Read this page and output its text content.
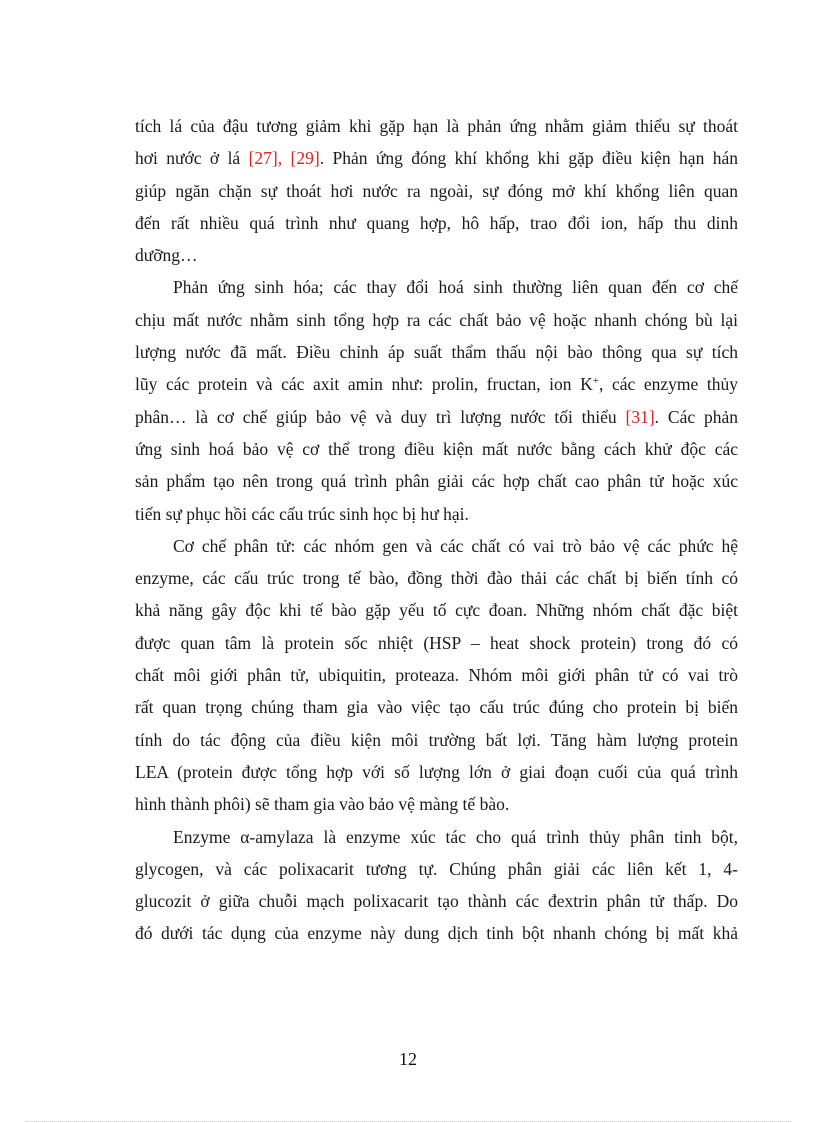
tích lá của đậu tương giảm khi gặp hạn là phản ứng nhằm giảm thiểu sự thoát
hơi nước ở lá [27], [29]. Phản ứng đóng khí khổng khi gặp điều kiện hạn hán
giúp ngăn chặn sự thoát hơi nước ra ngoài, sự đóng mở khí khổng liên quan
đến rất nhiều quá trình như quang hợp, hô hấp, trao đổi ion, hấp thu dinh
dưỡng…
Phản ứng sinh hóa; các thay đổi hoá sinh thường liên quan đến cơ chế
chịu mất nước nhằm sinh tổng hợp ra các chất bảo vệ hoặc nhanh chóng bù lại
lượng nước đã mất. Điều chỉnh áp suất thẩm thấu nội bào thông qua sự tích
lũy các protein và các axit amin như: prolin, fructan, ion K+, các enzyme thủy
phân… là cơ chế giúp bảo vệ và duy trì lượng nước tối thiểu [31]. Các phản
ứng sinh hoá bảo vệ cơ thể trong điều kiện mất nước bằng cách khử độc các
sản phẩm tạo nên trong quá trình phân giải các hợp chất cao phân tử hoặc xúc
tiến sự phục hồi các cấu trúc sinh học bị hư hại.
Cơ chế phân tử: các nhóm gen và các chất có vai trò bảo vệ các phức hệ
enzyme, các cấu trúc trong tế bào, đồng thời đào thải các chất bị biến tính có
khả năng gây độc khi tế bào gặp yếu tố cực đoan. Những nhóm chất đặc biệt
được quan tâm là protein sốc nhiệt (HSP – heat shock protein) trong đó có
chất môi giới phân tử, ubiquitin, proteaza. Nhóm môi giới phân tử có vai trò
rất quan trọng chúng tham gia vào việc tạo cấu trúc đúng cho protein bị biến
tính do tác động của điều kiện môi trường bất lợi. Tăng hàm lượng protein
LEA (protein được tổng hợp với số lượng lớn ở giai đoạn cuối của quá trình
hình thành phôi) sẽ tham gia vào bảo vệ màng tế bào.
Enzyme α-amylaza là enzyme xúc tác cho quá trình thủy phân tinh bột,
glycogen, và các polixacarit tương tự. Chúng phân giải các liên kết 1, 4-
glucozit ở giữa chuỗi mạch polixacarit tạo thành các đextrin phân tử thấp. Do
đó dưới tác dụng của enzyme này dung dịch tinh bột nhanh chóng bị mất khả
12
